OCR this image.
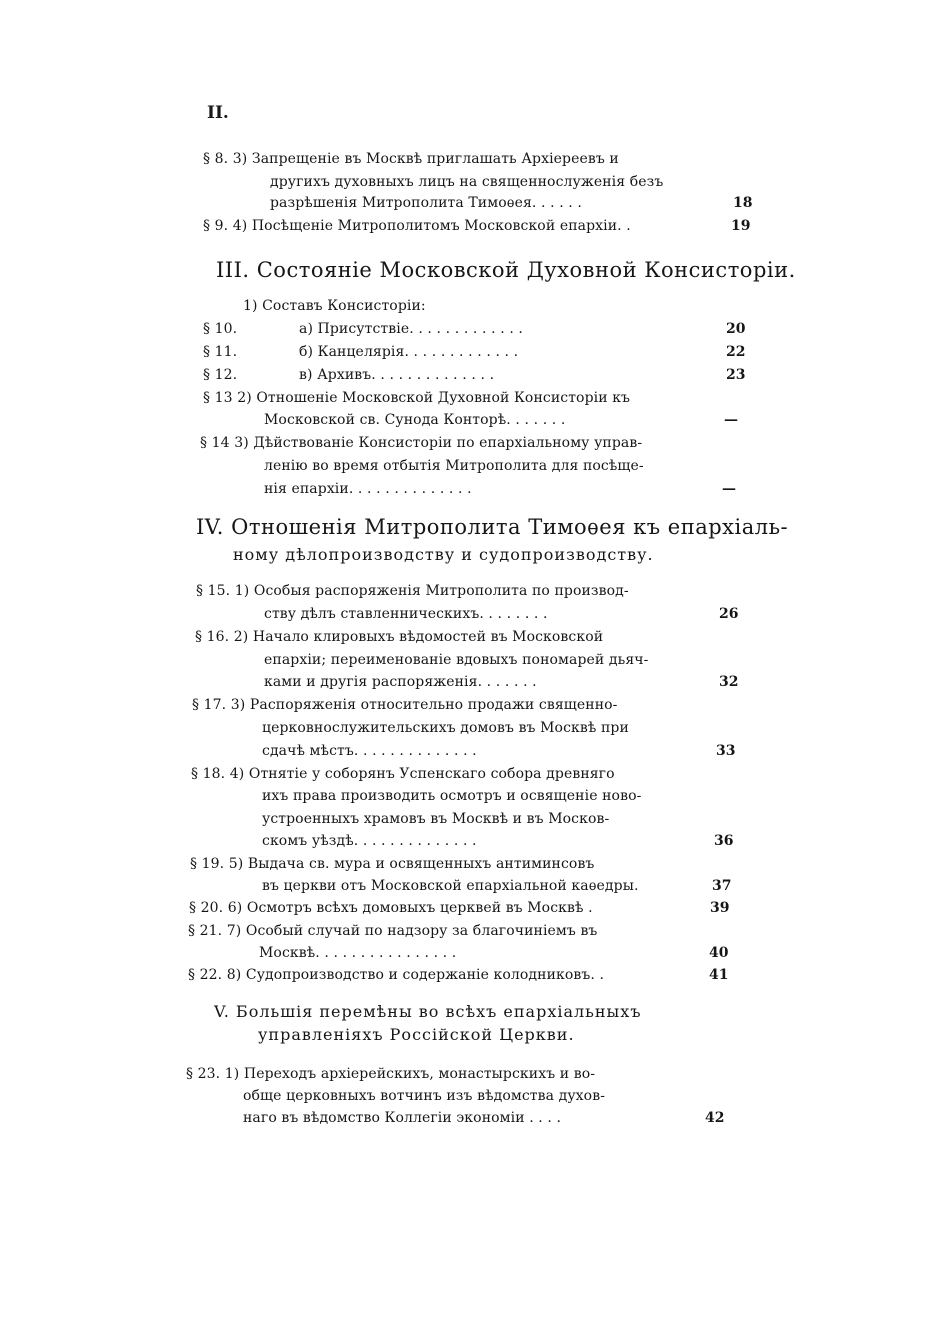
II.
§ 8. 3) Запрещеніе въ Москвѣ приглашать Архіереевъ и
другихъ духовныхъ лицъ на священнослуженія безъ
разрѣшенія Митрополита Тимоѳея. . . . . .	18
§ 9. 4) Посѣщеніе Митрополитомъ Московской епархіи. .	19
III. Состояніе Московской Духовной Консисторіи.
1) Составъ Консисторіи:
§ 10.	а) Присутствіе. . . . . . . . . . . . .	20
§ 11.	б) Канцелярія. . . . . . . . . . . . .	22
§ 12.	в) Архивъ. . . . . . . . . . . . . .	23
§ 13 2) Отношеніе Московской Духовной Консисторіи къ
Московской св. Сунода Конторѣ. . . . . . .	—
§ 14 3) Дѣйствованіе Консисторіи по епархіальному управ-
ленію во время отбытія Митрополита для посѣще-
нія епархіи. . . . . . . . . . . . . .	—
IV. Отношенія Митрополита Тимоѳея къ епархіаль-
ному дѣлопроизводству и судопроизводству.
§ 15. 1) Особыя распоряженія Митрополита по производ-
ству дѣлъ ставленническихъ. . . . . . . .	26
§ 16. 2) Начало клировыхъ вѣдомостей въ Московской
епархіи; переименованіе вдовыхъ пономарей дьяч-
ками и другія распоряженія. . . . . . .	32
§ 17. 3) Распоряженія относительно продажи священно-
церковнослужительскихъ домовъ въ Москвѣ при
сдачѣ мѣстъ. . . . . . . . . . . . . .	33
§ 18. 4) Отнятіе у соборянъ Успенскаго собора древняго
ихъ права производить осмотръ и освященіе ново-
устроенныхъ храмовъ въ Москвѣ и въ Москов-
скомъ уѣздѣ. . . . . . . . . . . . . .	36
§ 19. 5) Выдача св. мура и освященныхъ антиминсовъ
въ церкви отъ Московской епархіальной каѳедры.	37
§ 20. 6) Осмотръ всѣхъ домовыхъ церквей въ Москвѣ .	39
§ 21. 7) Особый случай по надзору за благочиніемъ въ
Москвѣ. . . . . . . . . . . . . . . .	40
§ 22. 8) Судопроизводство и содержаніе колодниковъ. .	41
V. Большія перемѣны во всѣхъ епархіальныхъ
управленіяхъ Россійской Церкви.
§ 23. 1) Переходъ архіерейскихъ, монастырскихъ и во-
обще церковныхъ вотчинъ изъ вѣдомства духов-
наго въ вѣдомство Коллегіи экономіи . . . .	42
